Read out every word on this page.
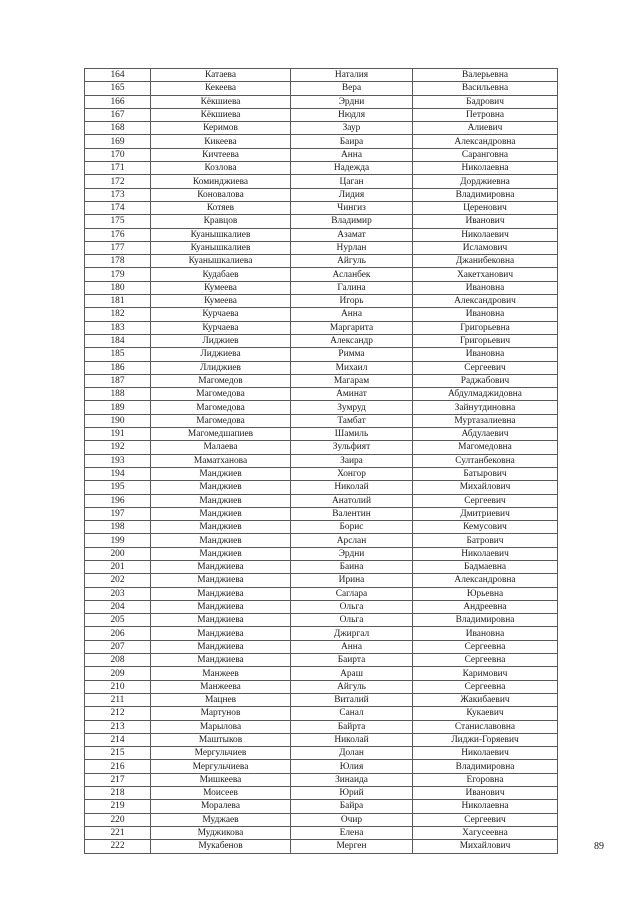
164	Катаева	Наталия	Валерьевна
165	Кекеева	Вера	Васильевна
166	Кёкшиева	Эрдни	Бадрович
167	Кёкшиева	Нюдля	Петровна
168	Керимов	Заур	Алиевич
169	Кикеева	Баира	Александровна
170	Кичтеева	Анна	Саранговна
171	Козлова	Надежда	Николаевна
172	Коминджиева	Цаган	Дорджиевна
173	Коновалова	Лидия	Владимировна
174	Котяев	Чингиз	Церенович
175	Кравцов	Владимир	Иванович
176	Куанышкалиев	Азамат	Николаевич
177	Куанышкалиев	Нурлан	Исламович
178	Куанышкалиева	Айгуль	Джанибековна
179	Кудабаев	Асланбек	Хакетханович
180	Кумеева	Галина	Ивановна
181	Кумеева	Игорь	Александрович
182	Курчаева	Анна	Ивановна
183	Курчаева	Маргарита	Григорьевна
184	Лиджиев	Александр	Григорьевич
185	Лиджиева	Римма	Ивановна
186	Ллиджиев	Михаил	Сергеевич
187	Магомедов	Магарам	Раджабович
188	Магомедова	Аминат	Абдулмаджидовна
189	Магомедова	Зумруд	Зайнутдиновна
190	Магомедова	Тамбат	Муртазалиевна
191	Магомедшапиев	Шамиль	Абдулаевич
192	Малаева	Зульфият	Магомедовна
193	Маматханова	Заира	Султанбековна
194	Манджиев	Хонгор	Батырович
195	Манджиев	Николай	Михайлович
196	Манджиев	Анатолий	Сергеевич
197	Манджиев	Валентин	Дмитриевич
198	Манджиев	Борис	Кемусович
199	Манджиев	Арслан	Батрович
200	Манджиев	Эрдни	Николаевич
201	Манджиева	Баина	Бадмаевна
202	Манджиева	Ирина	Александровна
203	Манджиева	Саглара	Юрьевна
204	Манджиева	Ольга	Андреевна
205	Манджиева	Ольга	Владимировна
206	Манджиева	Джиргал	Ивановна
207	Манджиева	Анна	Сергеевна
208	Манджиева	Баирта	Сергеевна
209	Манжеев	Араш	Каримович
210	Манжеева	Айгуль	Сергеевна
211	Мацнев	Виталий	Жакибаевич
212	Мартунов	Санал	Кукаевич
213	Марылова	Байрта	Станиславовна
214	Маштыков	Николай	Лиджи-Горяевич
215	Мергульчиев	Долан	Николаевич
216	Мергульчиева	Юлия	Владимировна
217	Мишкеева	Зинаида	Егоровна
218	Моисеев	Юрий	Иванович
219	Моралева	Байра	Николаевна
220	Муджаев	Очир	Сергеевич
221	Муджикова	Елена	Хагусеевна
222	Мукабенов	Мерген	Михайлович	89
